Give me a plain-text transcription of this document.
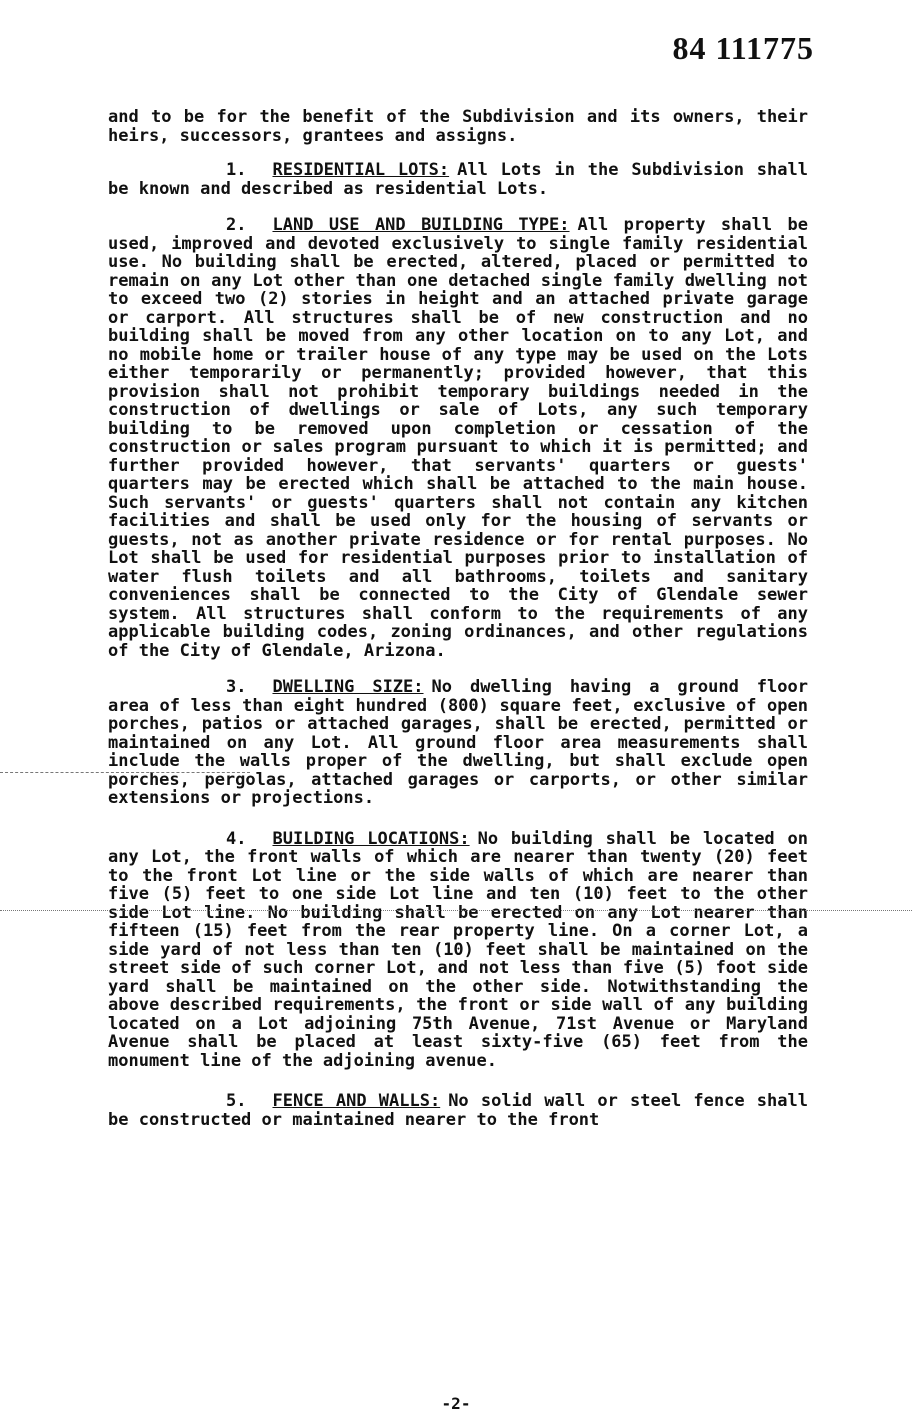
84 111775

and to be for the benefit of the Subdivision and its owners, their heirs, successors, grantees and assigns.

1. RESIDENTIAL LOTS: All Lots in the Subdivision shall be known and described as residential Lots.

2. LAND USE AND BUILDING TYPE: All property shall be used, improved and devoted exclusively to single family residential use. No building shall be erected, altered, placed or permitted to remain on any Lot other than one detached single family dwelling not to exceed two (2) stories in height and an attached private garage or carport. All structures shall be of new construction and no building shall be moved from any other location on to any Lot, and no mobile home or trailer house of any type may be used on the Lots either temporarily or permanently; provided however, that this provision shall not prohibit temporary buildings needed in the construction of dwellings or sale of Lots, any such temporary building to be removed upon completion or cessation of the construction or sales program pursuant to which it is permitted; and further provided however, that servants' quarters or guests' quarters may be erected which shall be attached to the main house. Such servants' or guests' quarters shall not contain any kitchen facilities and shall be used only for the housing of servants or guests, not as another private residence or for rental purposes. No Lot shall be used for residential purposes prior to installation of water flush toilets and all bathrooms, toilets and sanitary conveniences shall be connected to the City of Glendale sewer system. All structures shall conform to the requirements of any applicable building codes, zoning ordinances, and other regulations of the City of Glendale, Arizona.

3. DWELLING SIZE: No dwelling having a ground floor area of less than eight hundred (800) square feet, exclusive of open porches, patios or attached garages, shall be erected, permitted or maintained on any Lot. All ground floor area measurements shall include the walls proper of the dwelling, but shall exclude open porches, pergolas, attached garages or carports, or other similar extensions or projections.

4. BUILDING LOCATIONS: No building shall be located on any Lot, the front walls of which are nearer than twenty (20) feet to the front Lot line or the side walls of which are nearer than five (5) feet to one side Lot line and ten (10) feet to the other side Lot line. No building shall be erected on any Lot nearer than fifteen (15) feet from the rear property line. On a corner Lot, a side yard of not less than ten (10) feet shall be maintained on the street side of such corner Lot, and not less than five (5) foot side yard shall be maintained on the other side. Notwithstanding the above described requirements, the front or side wall of any building located on a Lot adjoining 75th Avenue, 71st Avenue or Maryland Avenue shall be placed at least sixty-five (65) feet from the monument line of the adjoining avenue.

5. FENCE AND WALLS: No solid wall or steel fence shall be constructed or maintained nearer to the front

-2-
